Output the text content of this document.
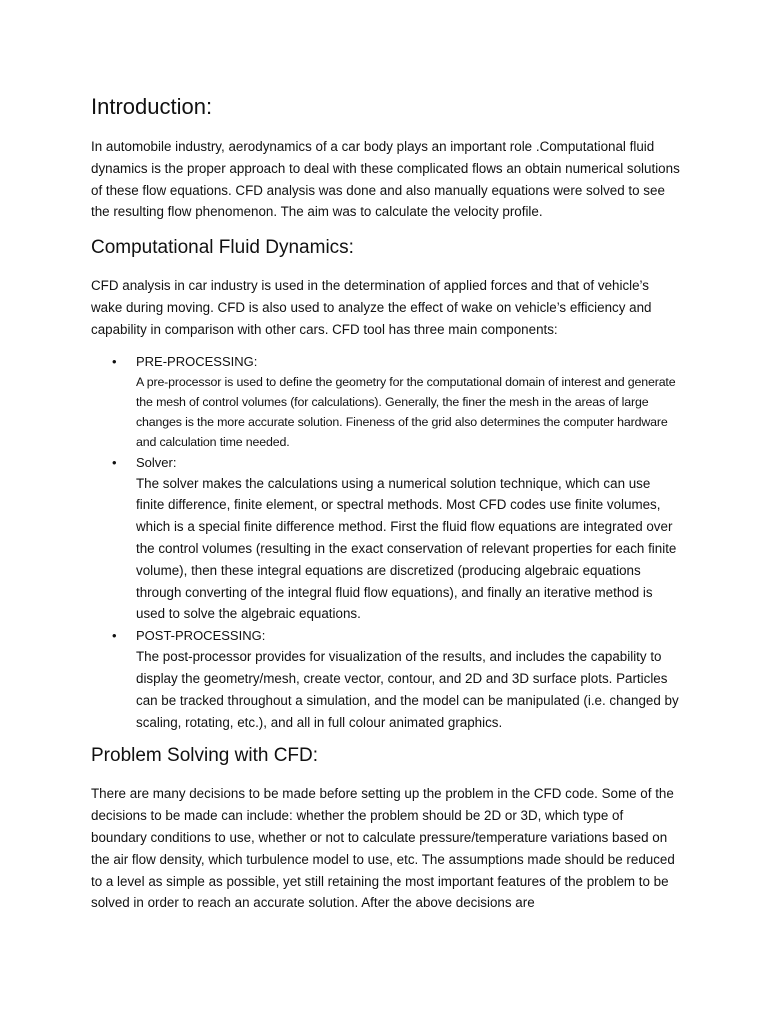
Introduction:

In automobile industry, aerodynamics of a car body plays an important role .Computational fluid dynamics is the proper approach to deal with these complicated flows an obtain numerical solutions of these flow equations. CFD analysis was done and also manually equations were solved to see the resulting flow phenomenon. The aim was to calculate the velocity profile.

Computational Fluid Dynamics:

CFD analysis in car industry is used in the determination of applied forces and that of vehicle’s wake during moving. CFD is also used to analyze the effect of wake on vehicle’s efficiency and capability in comparison with other cars. CFD tool has three main components:

• PRE-PROCESSING:
A pre-processor is used to define the geometry for the computational domain of interest and generate the mesh of control volumes (for calculations). Generally, the finer the mesh in the areas of large changes is the more accurate solution. Fineness of the grid also determines the computer hardware and calculation time needed.
• Solver:
The solver makes the calculations using a numerical solution technique, which can use finite difference, finite element, or spectral methods. Most CFD codes use finite volumes, which is a special finite difference method. First the fluid flow equations are integrated over the control volumes (resulting in the exact conservation of relevant properties for each finite volume), then these integral equations are discretized (producing algebraic equations through converting of the integral fluid flow equations), and finally an iterative method is used to solve the algebraic equations.
• POST-PROCESSING:
The post-processor provides for visualization of the results, and includes the capability to display the geometry/mesh, create vector, contour, and 2D and 3D surface plots. Particles can be tracked throughout a simulation, and the model can be manipulated (i.e. changed by scaling, rotating, etc.), and all in full colour animated graphics.
Problem Solving with CFD:

There are many decisions to be made before setting up the problem in the CFD code. Some of the decisions to be made can include: whether the problem should be 2D or 3D, which type of boundary conditions to use, whether or not to calculate pressure/temperature variations based on the air flow density, which turbulence model to use, etc. The assumptions made should be reduced to a level as simple as possible, yet still retaining the most important features of the problem to be solved in order to reach an accurate solution. After the above decisions are
